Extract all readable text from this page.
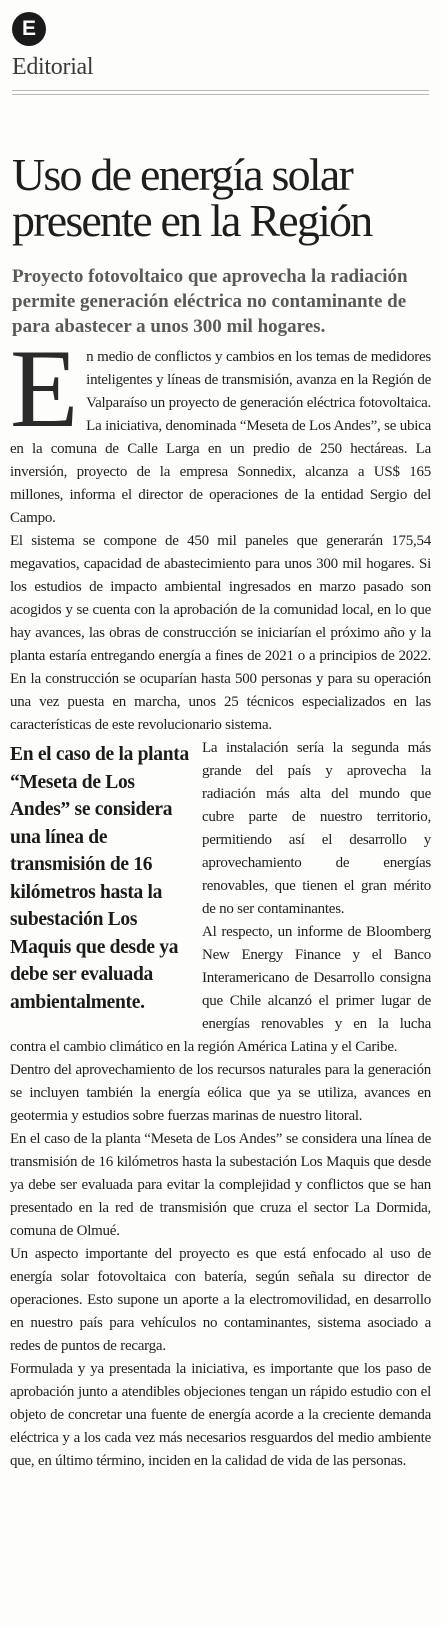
E
Editorial
Uso de energía solar presente en la Región

Proyecto fotovoltaico que aprovecha la radiación permite generación eléctrica no contaminante de para abastecer a unos 300 mil hogares.

En medio de conflictos y cambios en los temas de medidores inteligentes y líneas de transmisión, avanza en la Región de Valparaíso un proyecto de generación eléctrica fotovoltaica. La iniciativa, denominada “Meseta de Los Andes”, se ubica en la comuna de Calle Larga en un predio de 250 hectáreas. La inversión, proyecto de la empresa Sonnedix, alcanza a US$ 165 millones, informa el director de operaciones de la entidad Sergio del Campo.

El sistema se compone de 450 mil paneles que generarán 175,54 megavatios, capacidad de abastecimiento para unos 300 mil hogares. Si los estudios de impacto ambiental ingresados en marzo pasado son acogidos y se cuenta con la aprobación de la comunidad local, en lo que hay avances, las obras de construcción se iniciarían el próximo año y la planta estaría entregando energía a fines de 2021 o a principios de 2022. En la construcción se ocuparían hasta 500 personas y para su operación una vez puesta en marcha, unos 25 técnicos especializados en las características de este revolucionario sistema.

En el caso de la planta “Meseta de Los Andes” se considera una línea de transmisión de 16 kilómetros hasta la subestación Los Maquis que desde ya debe ser evaluada ambientalmente.

La instalación sería la segunda más grande del país y aprovecha la radiación más alta del mundo que cubre parte de nuestro territorio, permitiendo así el desarrollo y aprovechamiento de energías renovables, que tienen el gran mérito de no ser contaminantes.

Al respecto, un informe de Bloomberg New Energy Finance y el Banco Interamericano de Desarrollo consigna que Chile alcanzó el primer lugar de energías renovables y en la lucha contra el cambio climático en la región América Latina y el Caribe.

Dentro del aprovechamiento de los recursos naturales para la generación se incluyen también la energía eólica que ya se utiliza, avances en geotermia y estudios sobre fuerzas marinas de nuestro litoral.

En el caso de la planta “Meseta de Los Andes” se considera una línea de transmisión de 16 kilómetros hasta la subestación Los Maquis que desde ya debe ser evaluada para evitar la complejidad y conflictos que se han presentado en la red de transmisión que cruza el sector La Dormida, comuna de Olmué.

Un aspecto importante del proyecto es que está enfocado al uso de energía solar fotovoltaica con batería, según señala su director de operaciones. Esto supone un aporte a la electromovilidad, en desarrollo en nuestro país para vehículos no contaminantes, sistema asociado a redes de puntos de recarga.

Formulada y ya presentada la iniciativa, es importante que los paso de aprobación junto a atendibles objeciones tengan un rápido estudio con el objeto de concretar una fuente de energía acorde a la creciente demanda eléctrica y a los cada vez más necesarios resguardos del medio ambiente que, en último término, inciden en la calidad de vida de las personas.
